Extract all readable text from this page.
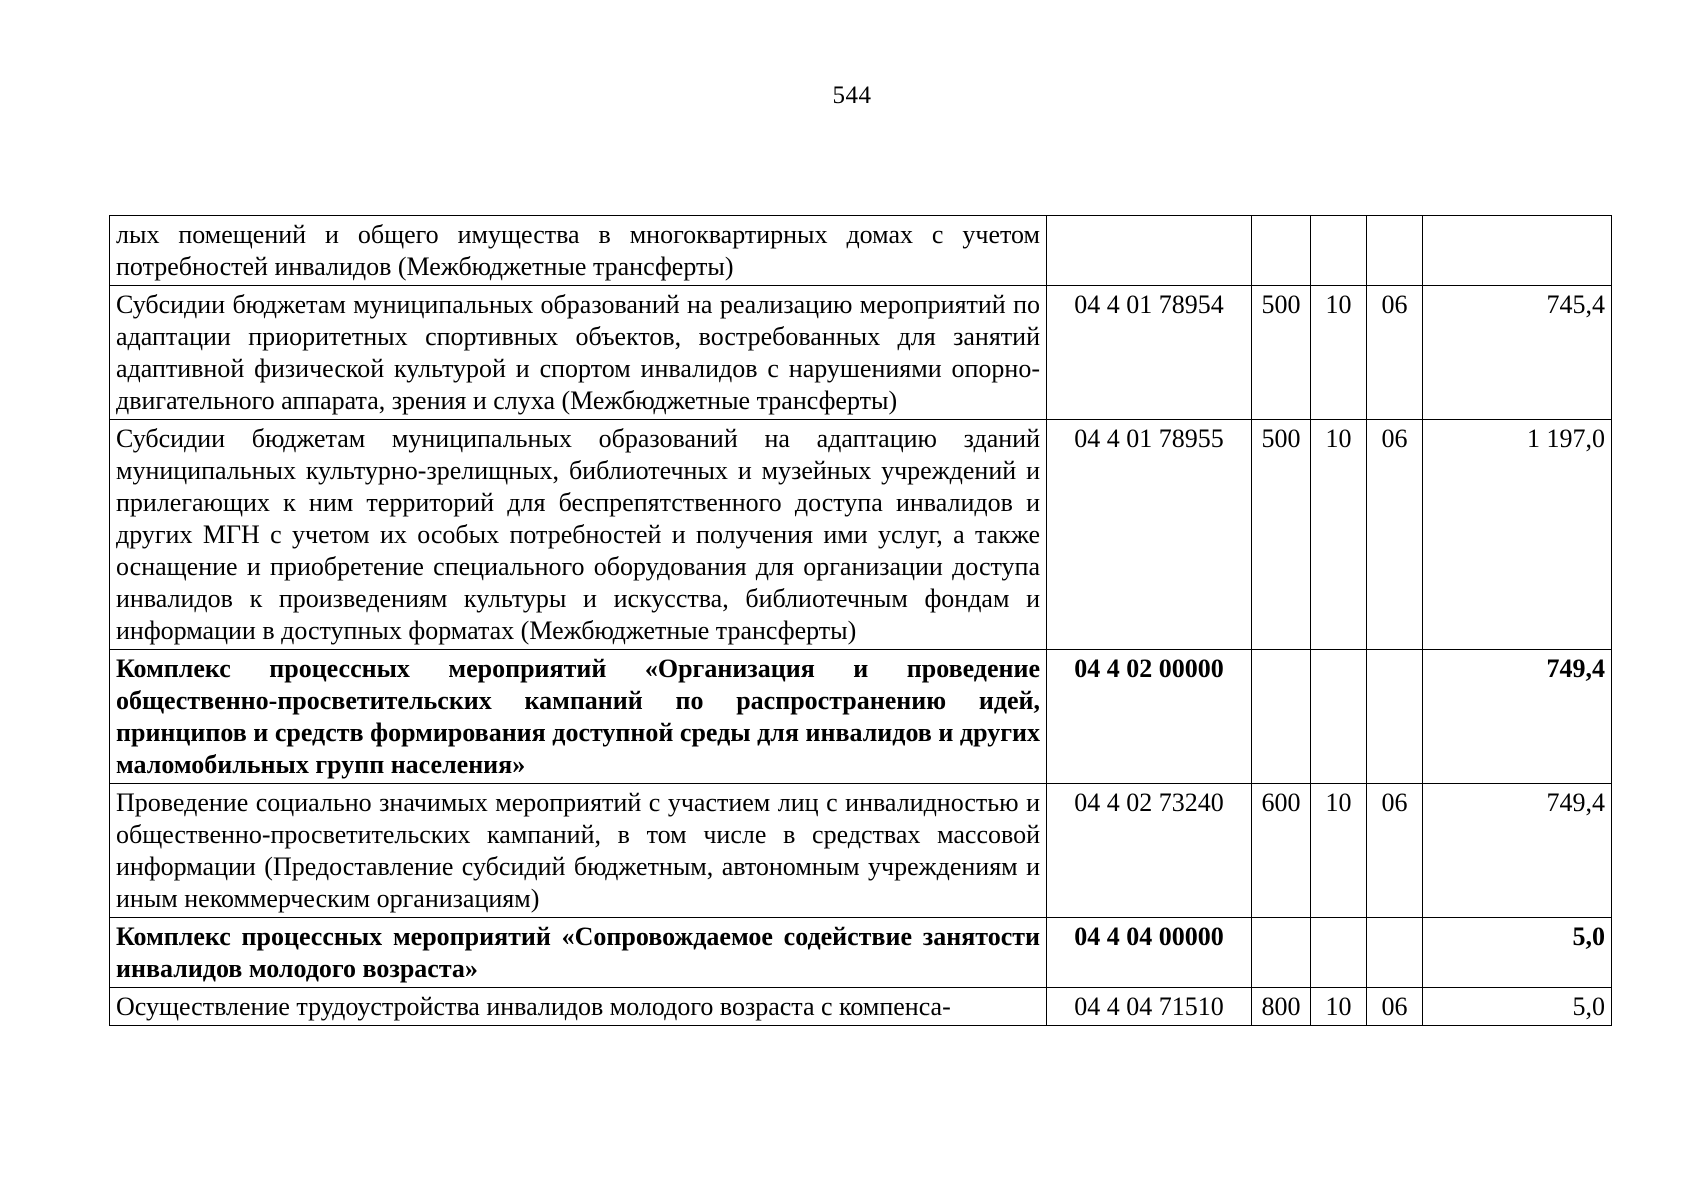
544
лых помещений и общего имущества в многоквартирных домах с учетом потребностей инвалидов (Межбюджетные трансферты)					
Субсидии бюджетам муниципальных образований на реализацию мероприятий по адаптации приоритетных спортивных объектов, востребованных для занятий адаптивной физической культурой и спортом инвалидов с нарушениями опорно-двигательного аппарата, зрения и слуха (Межбюджетные трансферты)	04 4 01 78954	500	10	06	745,4
Субсидии бюджетам муниципальных образований на адаптацию зданий муниципальных культурно-зрелищных, библиотечных и музейных учреждений и прилегающих к ним территорий для беспрепятственного доступа инвалидов и других МГН с учетом их особых потребностей и получения ими услуг, а также оснащение и приобретение специального оборудования для организации доступа инвалидов к произведениям культуры и искусства, библиотечным фондам и информации в доступных форматах (Межбюджетные трансферты)	04 4 01 78955	500	10	06	1 197,0
Комплекс процессных мероприятий «Организация и проведение общественно-просветительских кампаний по распространению идей, принципов и средств формирования доступной среды для инвалидов и других маломобильных групп населения»	04 4 02 00000				749,4
Проведение социально значимых мероприятий с участием лиц с инвалидностью и общественно-просветительских кампаний, в том числе в средствах массовой информации (Предоставление субсидий бюджетным, автономным учреждениям и иным некоммерческим организациям)	04 4 02 73240	600	10	06	749,4
Комплекс процессных мероприятий «Сопровождаемое содействие занятости инвалидов молодого возраста»	04 4 04 00000				5,0
Осуществление трудоустройства инвалидов молодого возраста с компенса-	04 4 04 71510	800	10	06	5,0
